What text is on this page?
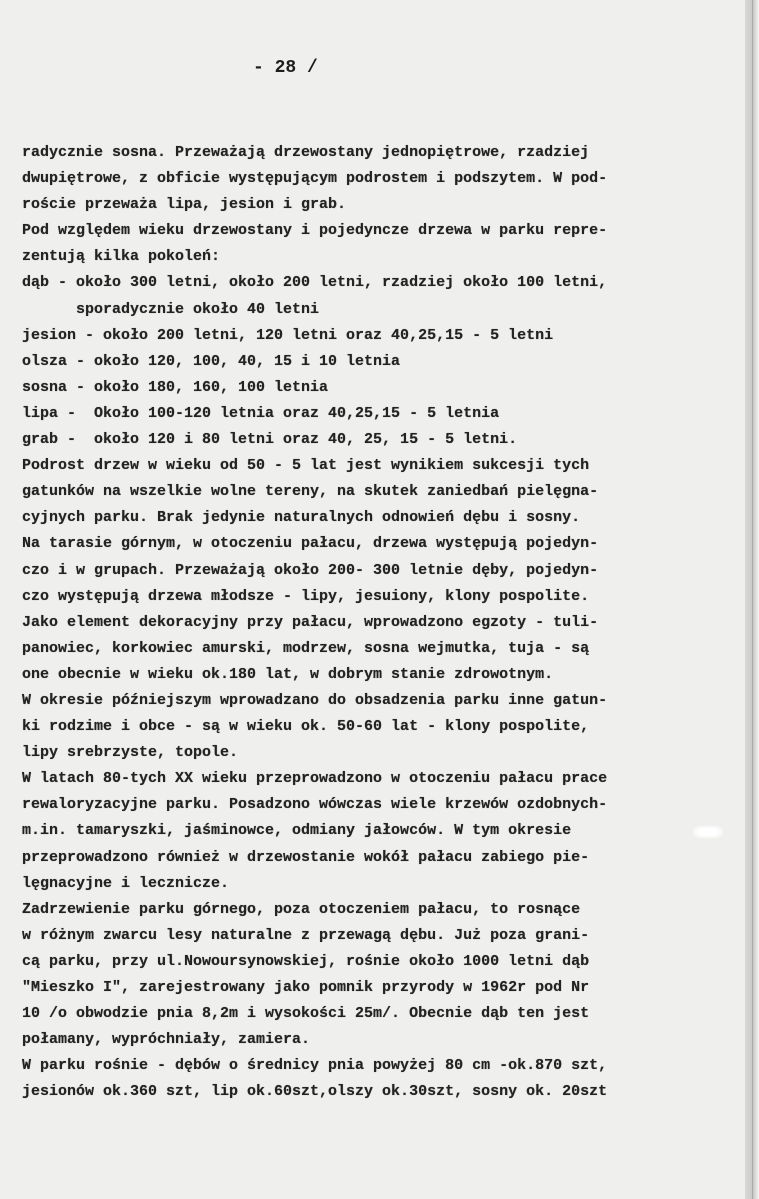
- 28 /
radycznie sosna. Przeważają drzewostany jednopiętrowe, rzadziej
dwupiętrowe, z obficie występującym podrostem i podszytem. W pod-
roście przeważa lipa, jesion i grab.
Pod względem wieku drzewostany i pojedyncze drzewa w parku repre-
zentują kilka pokoleń:
dąb - około 300 letni, około 200 letni, rzadziej około 100 letni,
sporadycznie około 40 letni
jesion - około 200 letni, 120 letni oraz 40,25,15 - 5 letni
olsza - około 120, 100, 40, 15 i 10 letnia
sosna - około 180, 160, 100 letnia
lipa -  Około 100-120 letnia oraz 40,25,15 - 5 letnia
grab -  około 120 i 80 letni oraz 40, 25, 15 - 5 letni.
Podrost drzew w wieku od 50 - 5 lat jest wynikiem sukcesji tych
gatunków na wszelkie wolne tereny, na skutek zaniedbań pielęgna-
cyjnych parku. Brak jedynie naturalnych odnowień dębu i sosny.
Na tarasie górnym, w otoczeniu pałacu, drzewa występują pojedyn-
czo i w grupach. Przeważają około 200- 300 letnie dęby, pojedyn-
czo występują drzewa młodsze - lipy, jesuiony, klony pospolite.
Jako element dekoracyjny przy pałacu, wprowadzono egzoty - tuli-
panowiec, korkowiec amurski, modrzew, sosna wejmutka, tuja - są
one obecnie w wieku ok.180 lat, w dobrym stanie zdrowotnym.
W okresie późniejszym wprowadzano do obsadzenia parku inne gatun-
ki rodzime i obce - są w wieku ok. 50-60 lat - klony pospolite,
lipy srebrzyste, topole.
W latach 80-tych XX wieku przeprowadzono w otoczeniu pałacu prace
rewaloryzacyjne parku. Posadzono wówczas wiele krzewów ozdobnych-
m.in. tamaryszki, jaśminowce, odmiany jałowców. W tym okresie
przeprowadzono również w drzewostanie wokół pałacu zabiego pie-
lęgnacyjne i lecznicze.
Zadrzewienie parku górnego, poza otoczeniem pałacu, to rosnące
w różnym zwarcu lesy naturalne z przewagą dębu. Już poza grani-
cą parku, przy ul.Nowoursynowskiej, rośnie około 1000 letni dąb
"Mieszko I", zarejestrowany jako pomnik przyrody w 1962r pod Nr
10 /o obwodzie pnia 8,2m i wysokości 25m/. Obecnie dąb ten jest
połamany, wypróchniały, zamiera.
W parku rośnie - dębów o średnicy pnia powyżej 80 cm -ok.870 szt,
jesionów ok.360 szt, lip ok.60szt,olszy ok.30szt, sosny ok. 20szt
